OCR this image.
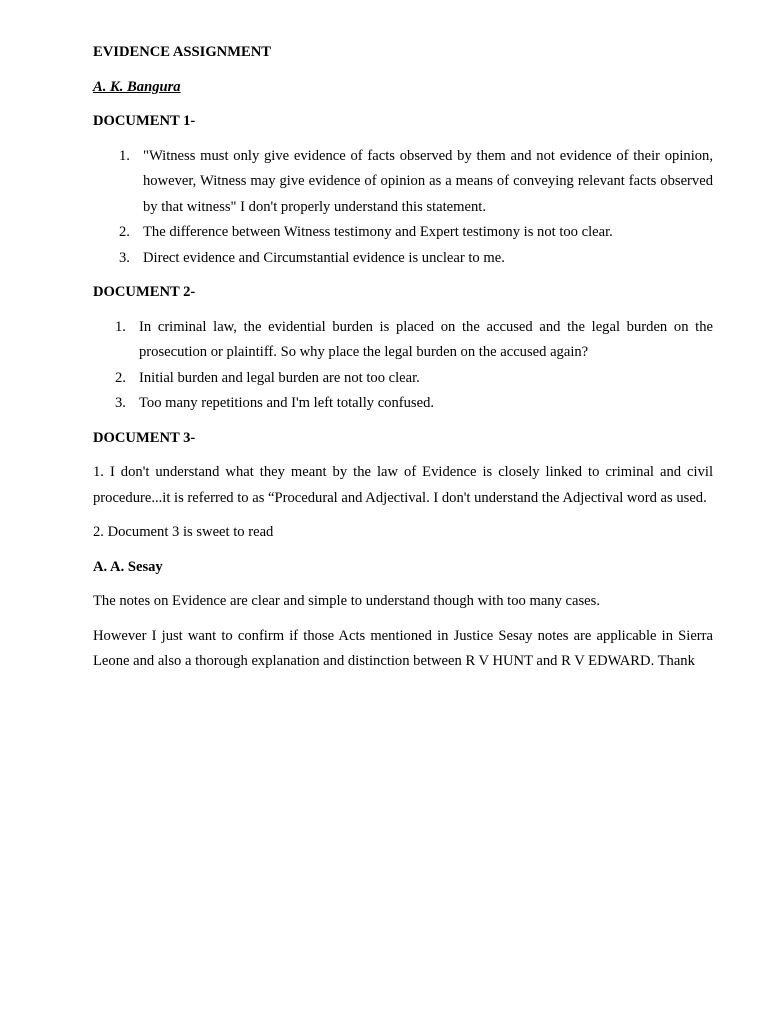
EVIDENCE ASSIGNMENT

A. K. Bangura

DOCUMENT 1-

1. "Witness must only give evidence of facts observed by them and not evidence of their opinion, however, Witness may give evidence of opinion as a means of conveying relevant facts observed by that witness" I don't properly understand this statement.
2. The difference between Witness testimony and Expert testimony is not too clear.
3. Direct evidence and Circumstantial evidence is unclear to me.

DOCUMENT 2-

1. In criminal law, the evidential burden is placed on the accused and the legal burden on the prosecution or plaintiff. So why place the legal burden on the accused again?
2. Initial burden and legal burden are not too clear.
3. Too many repetitions and I'm left totally confused.

DOCUMENT 3-

1. I don't understand what they meant by the law of Evidence is closely linked to criminal and civil procedure...it is referred to as “Procedural and Adjectival. I don't understand the Adjectival word as used.

2. Document 3 is sweet to read

A. A. Sesay

The notes on Evidence are clear and simple to understand though with too many cases.

However I just want to confirm if those Acts mentioned in Justice Sesay notes are applicable in Sierra Leone and also a thorough explanation and distinction between R V HUNT and R V EDWARD. Thank
